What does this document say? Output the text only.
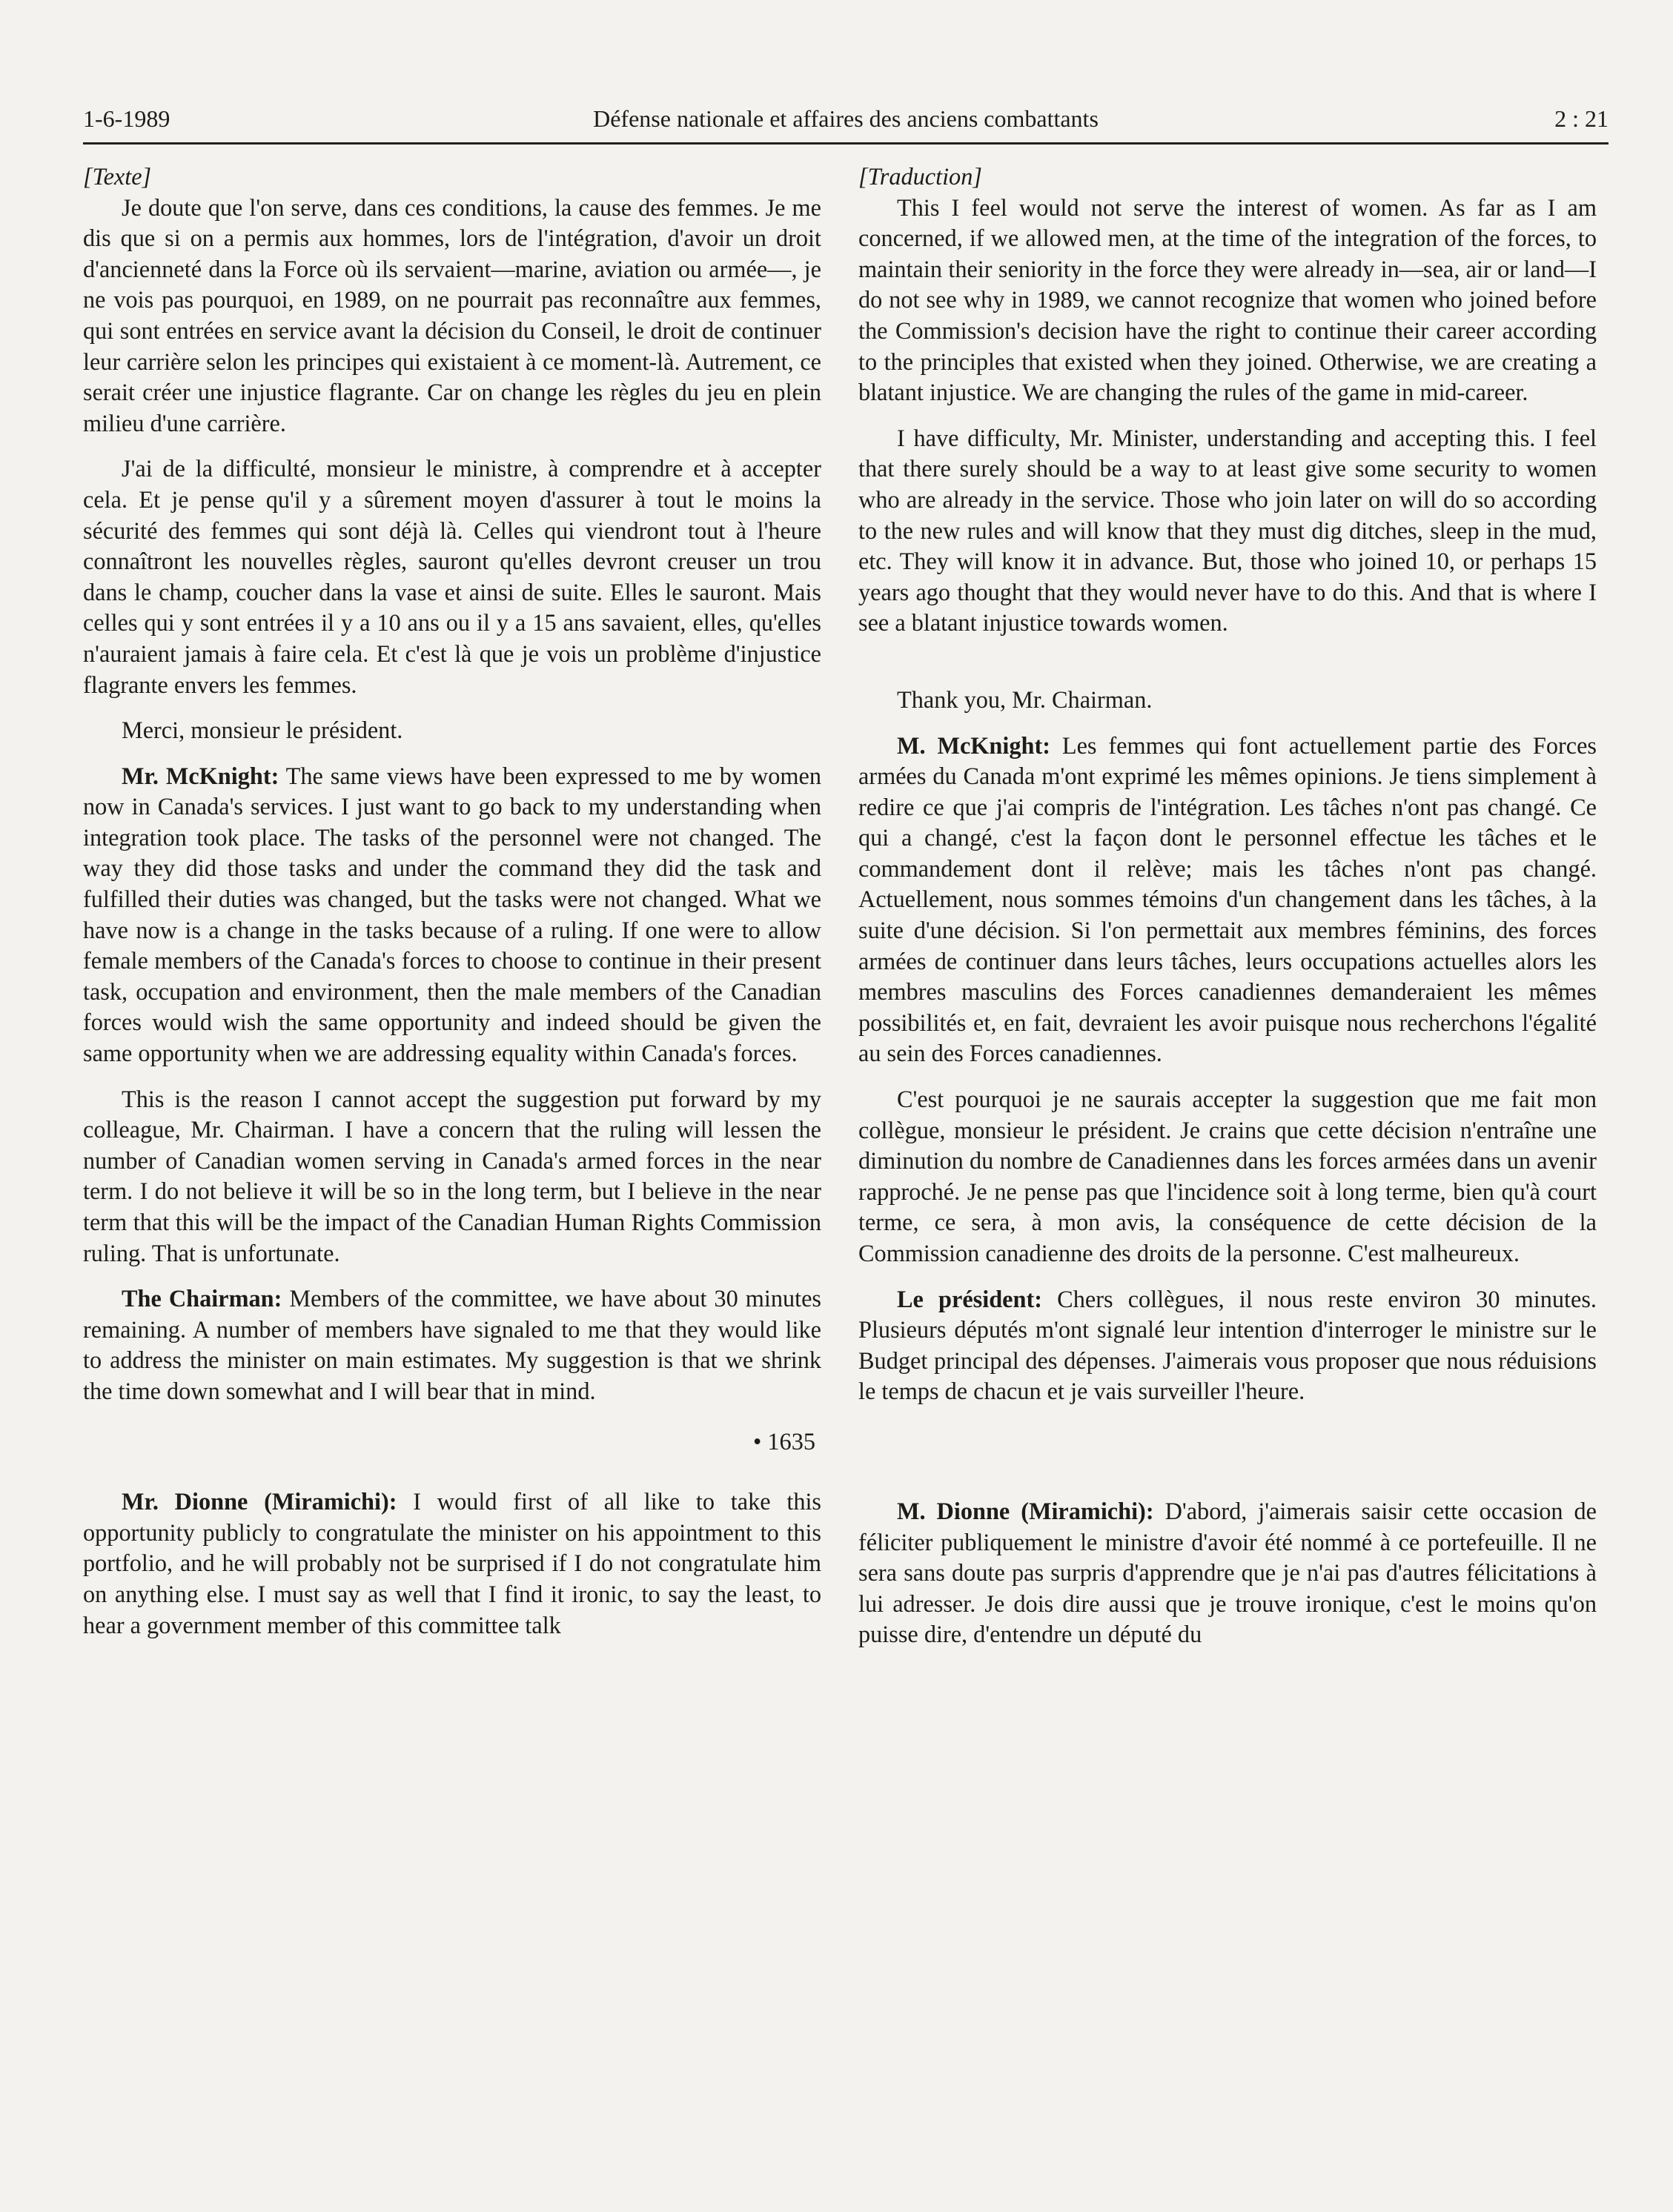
1-6-1989	Défense nationale et affaires des anciens combattants	2 : 21

[Texte]

Je doute que l'on serve, dans ces conditions, la cause des femmes. Je me dis que si on a permis aux hommes, lors de l'intégration, d'avoir un droit d'ancienneté dans la Force où ils servaient—marine, aviation ou armée—, je ne vois pas pourquoi, en 1989, on ne pourrait pas reconnaître aux femmes, qui sont entrées en service avant la décision du Conseil, le droit de continuer leur carrière selon les principes qui existaient à ce moment-là. Autrement, ce serait créer une injustice flagrante. Car on change les règles du jeu en plein milieu d'une carrière.

J'ai de la difficulté, monsieur le ministre, à comprendre et à accepter cela. Et je pense qu'il y a sûrement moyen d'assurer à tout le moins la sécurité des femmes qui sont déjà là. Celles qui viendront tout à l'heure connaîtront les nouvelles règles, sauront qu'elles devront creuser un trou dans le champ, coucher dans la vase et ainsi de suite. Elles le sauront. Mais celles qui y sont entrées il y a 10 ans ou il y a 15 ans savaient, elles, qu'elles n'auraient jamais à faire cela. Et c'est là que je vois un problème d'injustice flagrante envers les femmes.

Merci, monsieur le président.

Mr. McKnight: The same views have been expressed to me by women now in Canada's services. I just want to go back to my understanding when integration took place. The tasks of the personnel were not changed. The way they did those tasks and under the command they did the task and fulfilled their duties was changed, but the tasks were not changed. What we have now is a change in the tasks because of a ruling. If one were to allow female members of the Canada's forces to choose to continue in their present task, occupation and environment, then the male members of the Canadian forces would wish the same opportunity and indeed should be given the same opportunity when we are addressing equality within Canada's forces.

This is the reason I cannot accept the suggestion put forward by my colleague, Mr. Chairman. I have a concern that the ruling will lessen the number of Canadian women serving in Canada's armed forces in the near term. I do not believe it will be so in the long term, but I believe in the near term that this will be the impact of the Canadian Human Rights Commission ruling. That is unfortunate.

The Chairman: Members of the committee, we have about 30 minutes remaining. A number of members have signaled to me that they would like to address the minister on main estimates. My suggestion is that we shrink the time down somewhat and I will bear that in mind.

• 1635

Mr. Dionne (Miramichi): I would first of all like to take this opportunity publicly to congratulate the minister on his appointment to this portfolio, and he will probably not be surprised if I do not congratulate him on anything else. I must say as well that I find it ironic, to say the least, to hear a government member of this committee talk

[Traduction]

This I feel would not serve the interest of women. As far as I am concerned, if we allowed men, at the time of the integration of the forces, to maintain their seniority in the force they were already in—sea, air or land—I do not see why in 1989, we cannot recognize that women who joined before the Commission's decision have the right to continue their career according to the principles that existed when they joined. Otherwise, we are creating a blatant injustice. We are changing the rules of the game in mid-career.

I have difficulty, Mr. Minister, understanding and accepting this. I feel that there surely should be a way to at least give some security to women who are already in the service. Those who join later on will do so according to the new rules and will know that they must dig ditches, sleep in the mud, etc. They will know it in advance. But, those who joined 10, or perhaps 15 years ago thought that they would never have to do this. And that is where I see a blatant injustice towards women.

Thank you, Mr. Chairman.

M. McKnight: Les femmes qui font actuellement partie des Forces armées du Canada m'ont exprimé les mêmes opinions. Je tiens simplement à redire ce que j'ai compris de l'intégration. Les tâches n'ont pas changé. Ce qui a changé, c'est la façon dont le personnel effectue les tâches et le commandement dont il relève; mais les tâches n'ont pas changé. Actuellement, nous sommes témoins d'un changement dans les tâches, à la suite d'une décision. Si l'on permettait aux membres féminins, des forces armées de continuer dans leurs tâches, leurs occupations actuelles alors les membres masculins des Forces canadiennes demanderaient les mêmes possibilités et, en fait, devraient les avoir puisque nous recherchons l'égalité au sein des Forces canadiennes.

C'est pourquoi je ne saurais accepter la suggestion que me fait mon collègue, monsieur le président. Je crains que cette décision n'entraîne une diminution du nombre de Canadiennes dans les forces armées dans un avenir rapproché. Je ne pense pas que l'incidence soit à long terme, bien qu'à court terme, ce sera, à mon avis, la conséquence de cette décision de la Commission canadienne des droits de la personne. C'est malheureux.

Le président: Chers collègues, il nous reste environ 30 minutes. Plusieurs députés m'ont signalé leur intention d'interroger le ministre sur le Budget principal des dépenses. J'aimerais vous proposer que nous réduisions le temps de chacun et je vais surveiller l'heure.

M. Dionne (Miramichi): D'abord, j'aimerais saisir cette occasion de féliciter publiquement le ministre d'avoir été nommé à ce portefeuille. Il ne sera sans doute pas surpris d'apprendre que je n'ai pas d'autres félicitations à lui adresser. Je dois dire aussi que je trouve ironique, c'est le moins qu'on puisse dire, d'entendre un député du
